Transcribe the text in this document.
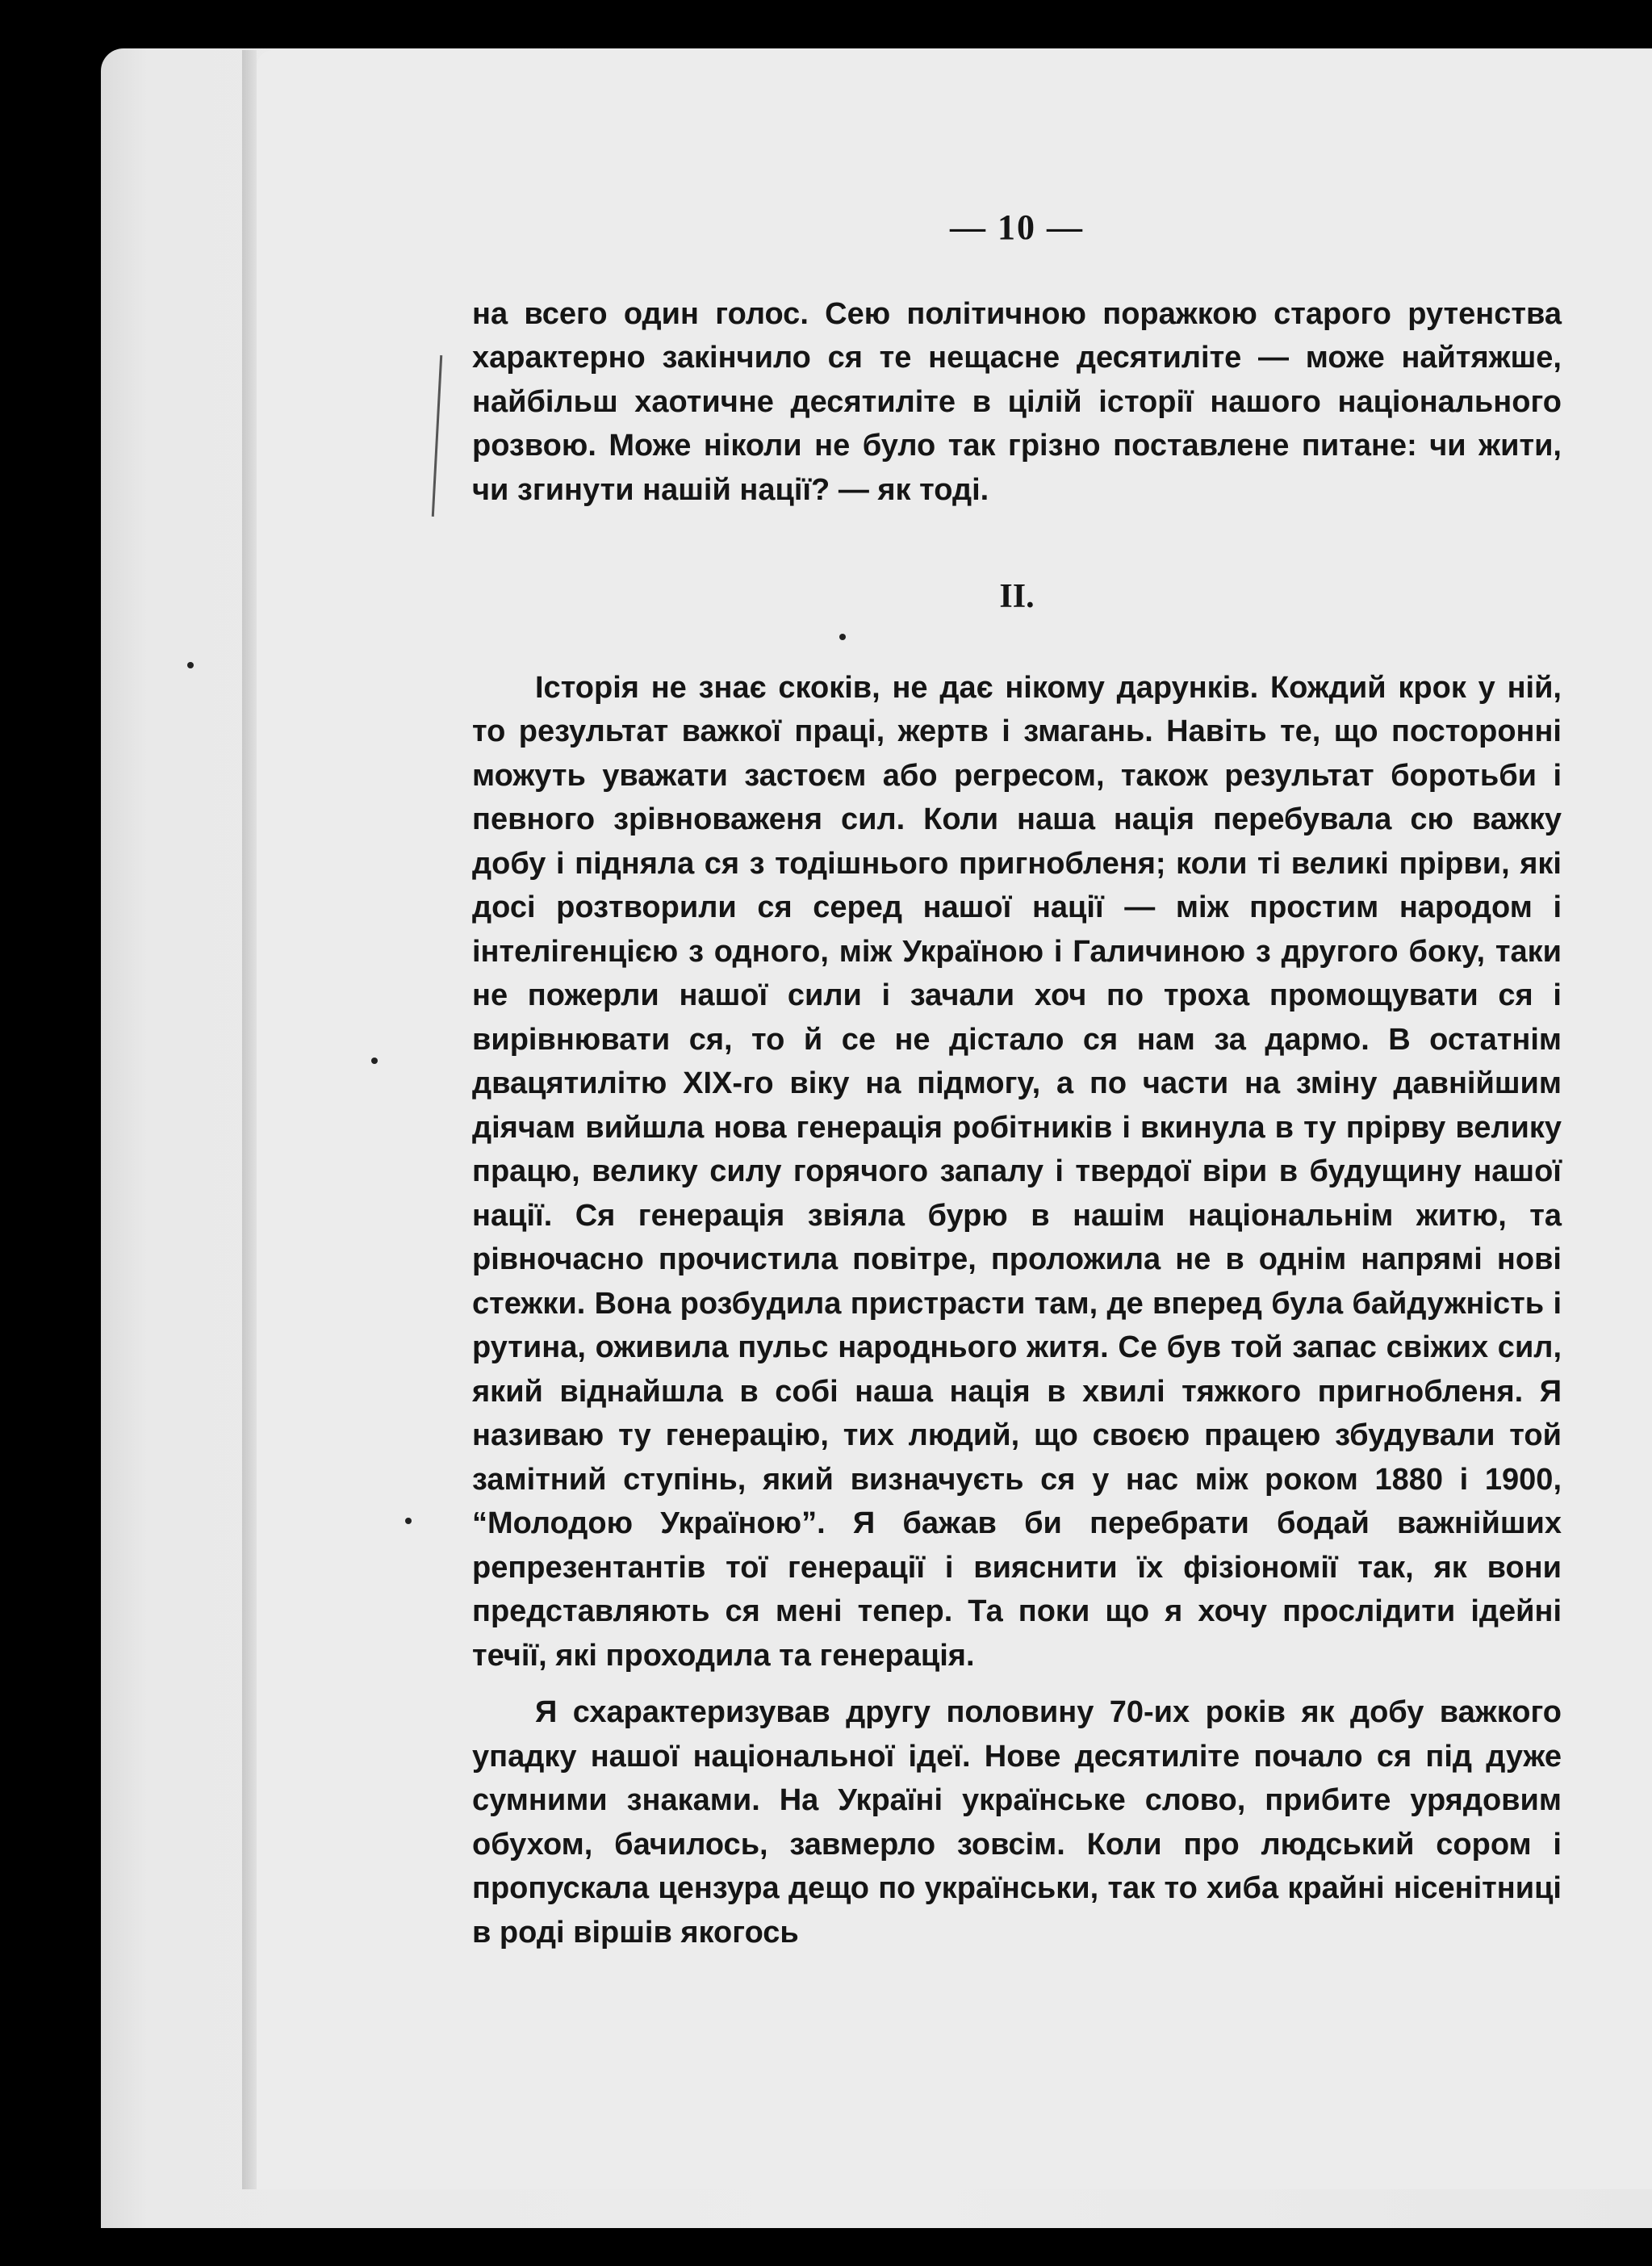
— 10 —

на всего один голос. Сею політичною поражкою старого рутенства характерно закінчило ся те нещасне десятиліте — може найтяжше, найбільш хаотичне десятиліте в цілій історії нашого національного розвою. Може ніколи не було так грізно поставлене питане: чи жити, чи згинути нашій нації? — як тоді.

II.

Історія не знає скоків, не дає нікому дарунків. Кождий крок у ній, то результат важкої праці, жертв і змагань. Навіть те, що посторонні можуть уважати застоєм або регресом, також результат боротьби і певного зрівноваженя сил. Коли наша нація перебувала сю важку добу і підняла ся з тодішнього пригнобленя; коли ті великі прірви, які досі розтворили ся серед нашої нації — між простим народом і інтелігенцією з одного, між Україною і Галичиною з другого боку, таки не пожерли нашої сили і зачали хоч по троха промощувати ся і вирівнювати ся, то й се не дістало ся нам за дармо. В остатнім двацятилітю XIX-го віку на підмогу, а по части на зміну давнійшим діячам вийшла нова генерація робітників і вкинула в ту прірву велику працю, велику силу горячого запалу і твердої віри в будущину нашої нації. Ся генерація звіяла бурю в нашім національнім житю, та рівночасно прочистила повітре, проложила не в однім напрямі нові стежки. Вона розбудила пристрасти там, де вперед була байдужність і рутина, оживила пульс народнього житя. Се був той запас свіжих сил, який віднайшла в собі наша нація в хвилі тяжкого пригнобленя. Я називаю ту генерацію, тих людий, що своєю працею збудували той замітний ступінь, який визначуєть ся у нас між роком 1880 і 1900, “Молодою Україною”. Я бажав би перебрати бодай важнійших репрезентантів тої генерації і вияснити їх фізіономії так, як вони представляють ся мені тепер. Та поки що я хочу прослідити ідейні течії, які проходила та генерація.

Я схарактеризував другу половину 70-их років як добу важкого упадку нашої національної ідеї. Нове десятиліте почало ся під дуже сумними знаками. На Україні українське слово, прибите урядовим обухом, бачилось, завмерло зовсім. Коли про людський сором і пропускала цензура дещо по українськи, так то хиба крайні нісенітниці в роді віршів якогось
